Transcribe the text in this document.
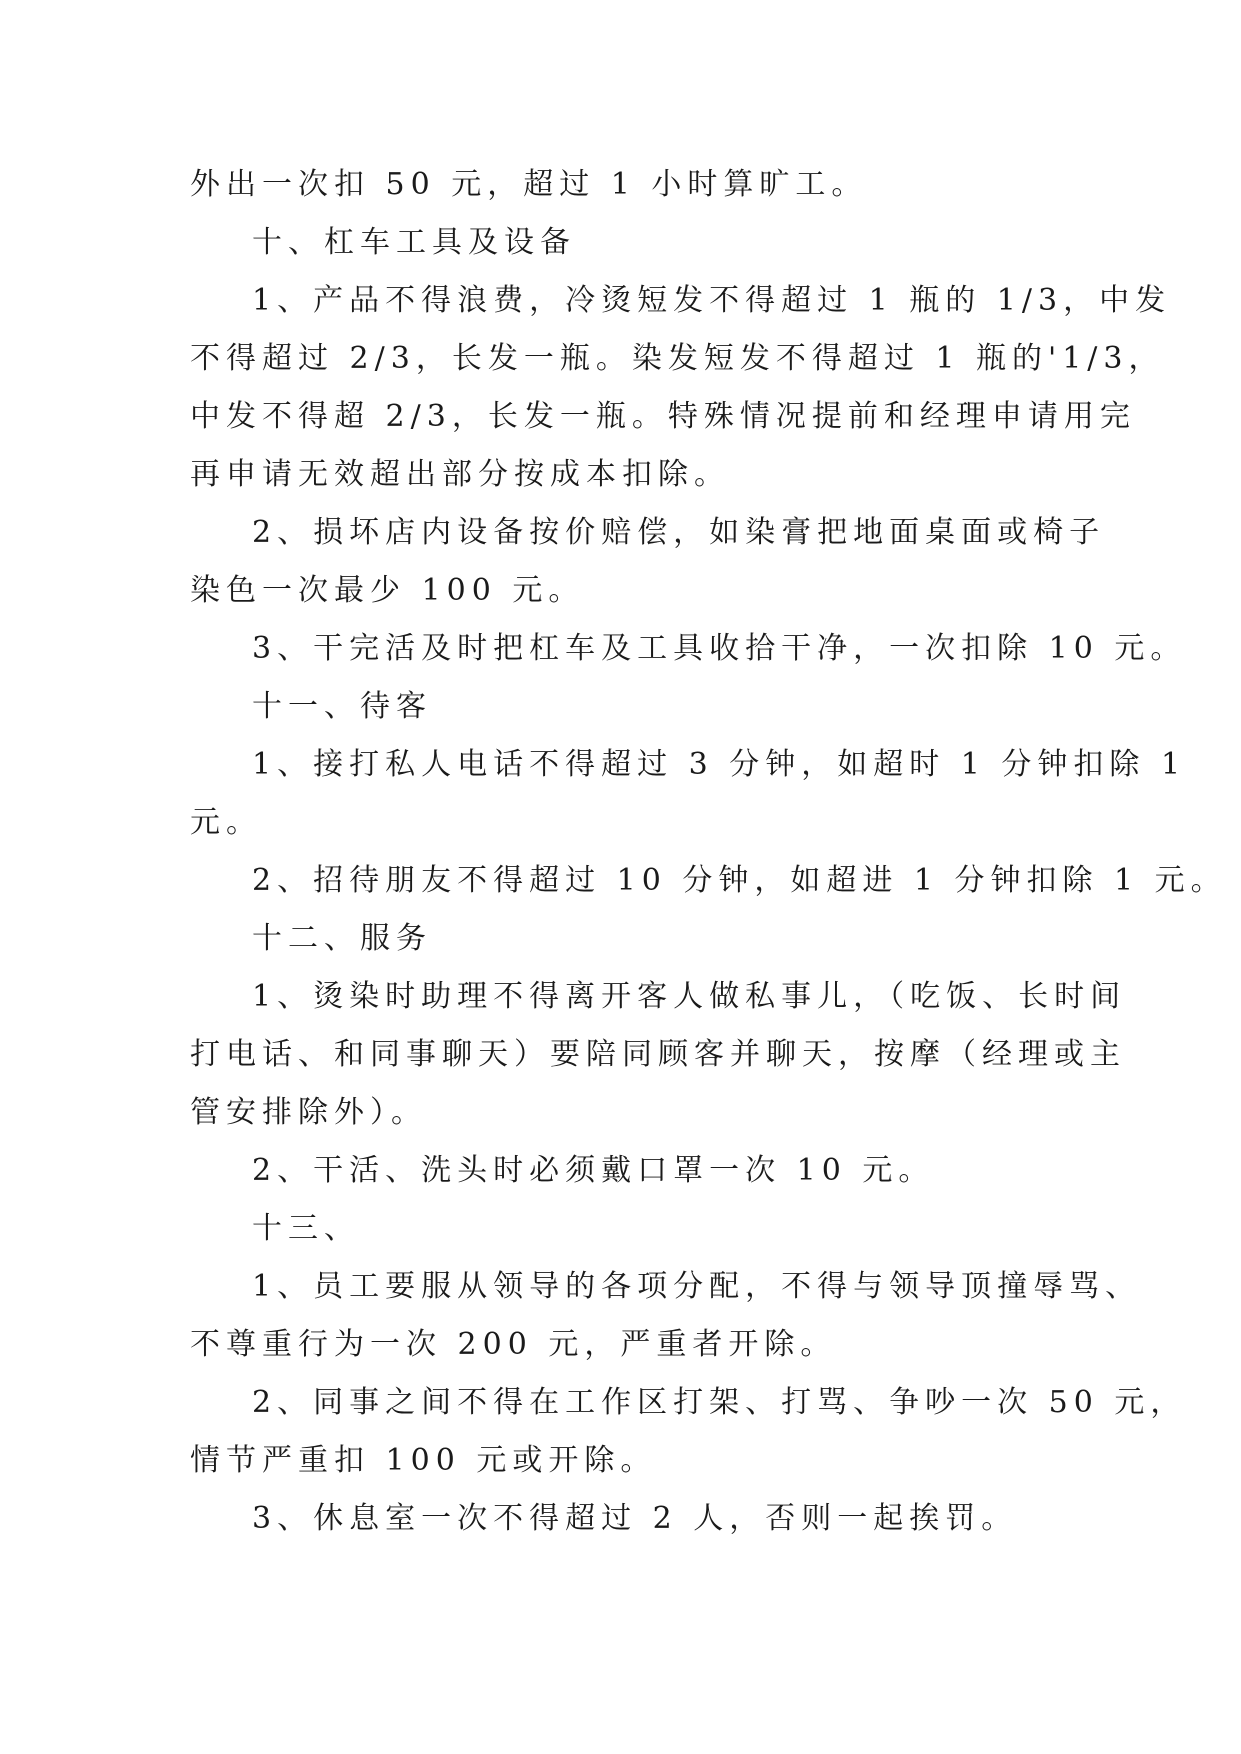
外出一次扣 50 元，超过 1 小时算旷工。
十、杠车工具及设备
1、产品不得浪费，冷烫短发不得超过 1 瓶的 1/3，中发
不得超过 2/3，长发一瓶。染发短发不得超过 1 瓶的'1/3，
中发不得超 2/3，长发一瓶。特殊情况提前和经理申请用完
再申请无效超出部分按成本扣除。
2、损坏店内设备按价赔偿，如染膏把地面桌面或椅子
染色一次最少 100 元。
3、干完活及时把杠车及工具收拾干净，一次扣除 10 元。
十一、待客
1、接打私人电话不得超过 3 分钟，如超时 1 分钟扣除 1
元。
2、招待朋友不得超过 10 分钟，如超进 1 分钟扣除 1 元。
十二、服务
1、烫染时助理不得离开客人做私事儿，（吃饭、长时间
打电话、和同事聊天）要陪同顾客并聊天，按摩（经理或主
管安排除外）。
2、干活、洗头时必须戴口罩一次 10 元。
十三、
1、员工要服从领导的各项分配，不得与领导顶撞辱骂、
不尊重行为一次 200 元，严重者开除。
2、同事之间不得在工作区打架、打骂、争吵一次 50 元，
情节严重扣 100 元或开除。
3、休息室一次不得超过 2 人，否则一起挨罚。
